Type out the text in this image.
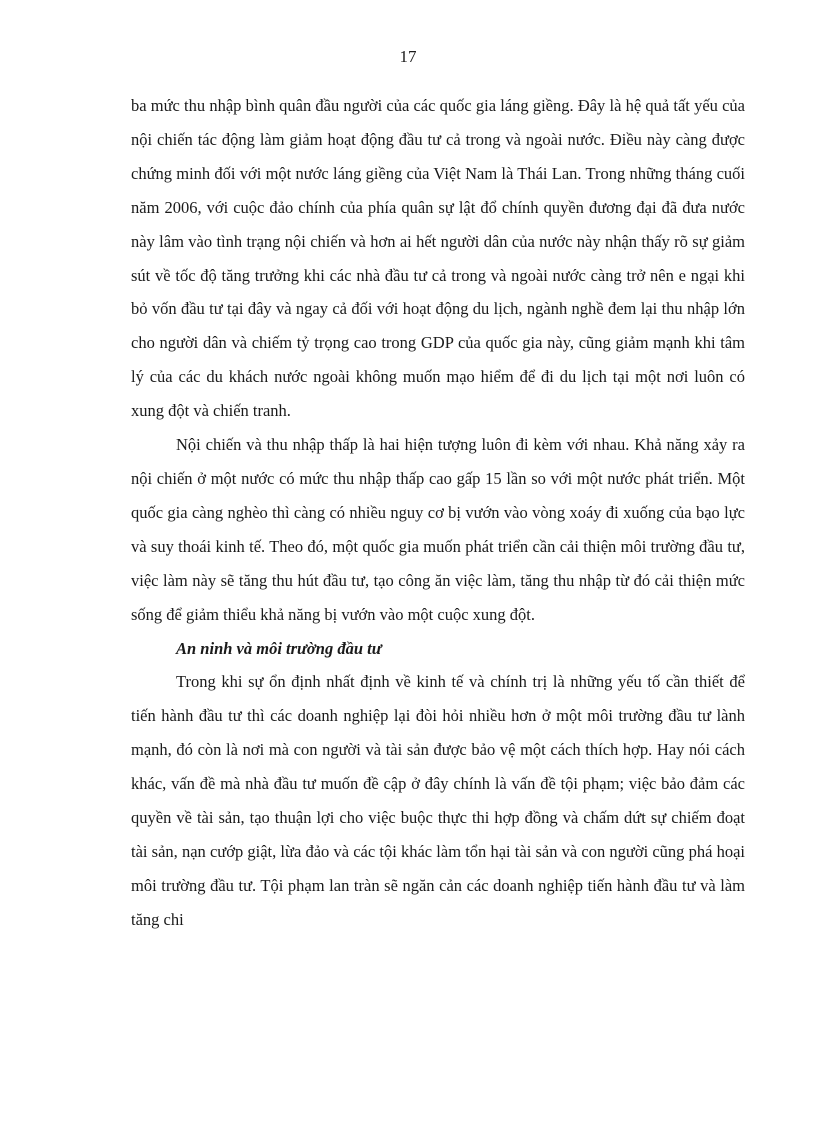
17

ba mức thu nhập bình quân đầu người của các quốc gia láng giềng. Đây là hệ quả tất yếu của nội chiến tác động làm giảm hoạt động đầu tư cả trong và ngoài nước. Điều này càng được chứng minh đối với một nước láng giềng của Việt Nam là Thái Lan. Trong những tháng cuối năm 2006, với cuộc đảo chính của phía quân sự lật đổ chính quyền đương đại đã đưa nước này lâm vào tình trạng nội chiến và hơn ai hết người dân của nước này nhận thấy rõ sự giảm sút về tốc độ tăng trưởng khi các nhà đầu tư cả trong và ngoài nước càng trở nên e ngại khi bỏ vốn đầu tư tại đây và ngay cả đối với hoạt động du lịch, ngành nghề đem lại thu nhập lớn cho người dân và chiếm tỷ trọng cao trong GDP của quốc gia này, cũng giảm mạnh khi tâm lý của các du khách nước ngoài không muốn mạo hiểm để đi du lịch tại một nơi luôn có xung đột và chiến tranh.

Nội chiến và thu nhập thấp là hai hiện tượng luôn đi kèm với nhau. Khả năng xảy ra nội chiến ở một nước có mức thu nhập thấp cao gấp 15 lần so với một nước phát triển. Một quốc gia càng nghèo thì càng có nhiều nguy cơ bị vướn vào vòng xoáy đi xuống của bạo lực và suy thoái kinh tế. Theo đó, một quốc gia muốn phát triển cần cải thiện môi trường đầu tư, việc làm này sẽ tăng thu hút đầu tư, tạo công ăn việc làm, tăng thu nhập từ đó cải thiện mức sống để giảm thiểu khả năng bị vướn vào một cuộc xung đột.

An ninh và môi trường đầu tư

Trong khi sự ổn định nhất định về kinh tế và chính trị là những yếu tố cần thiết để tiến hành đầu tư thì các doanh nghiệp lại đòi hỏi nhiều hơn ở một môi trường đầu tư lành mạnh, đó còn là nơi mà con người và tài sản được bảo vệ một cách thích hợp. Hay nói cách khác, vấn đề mà nhà đầu tư muốn đề cập ở đây chính là vấn đề tội phạm; việc bảo đảm các quyền về tài sản, tạo thuận lợi cho việc buộc thực thi hợp đồng và chấm dứt sự chiếm đoạt tài sản, nạn cướp giật, lừa đảo và các tội khác làm tổn hại tài sản và con người cũng phá hoại môi trường đầu tư. Tội phạm lan tràn sẽ ngăn cản các doanh nghiệp tiến hành đầu tư và làm tăng chi
